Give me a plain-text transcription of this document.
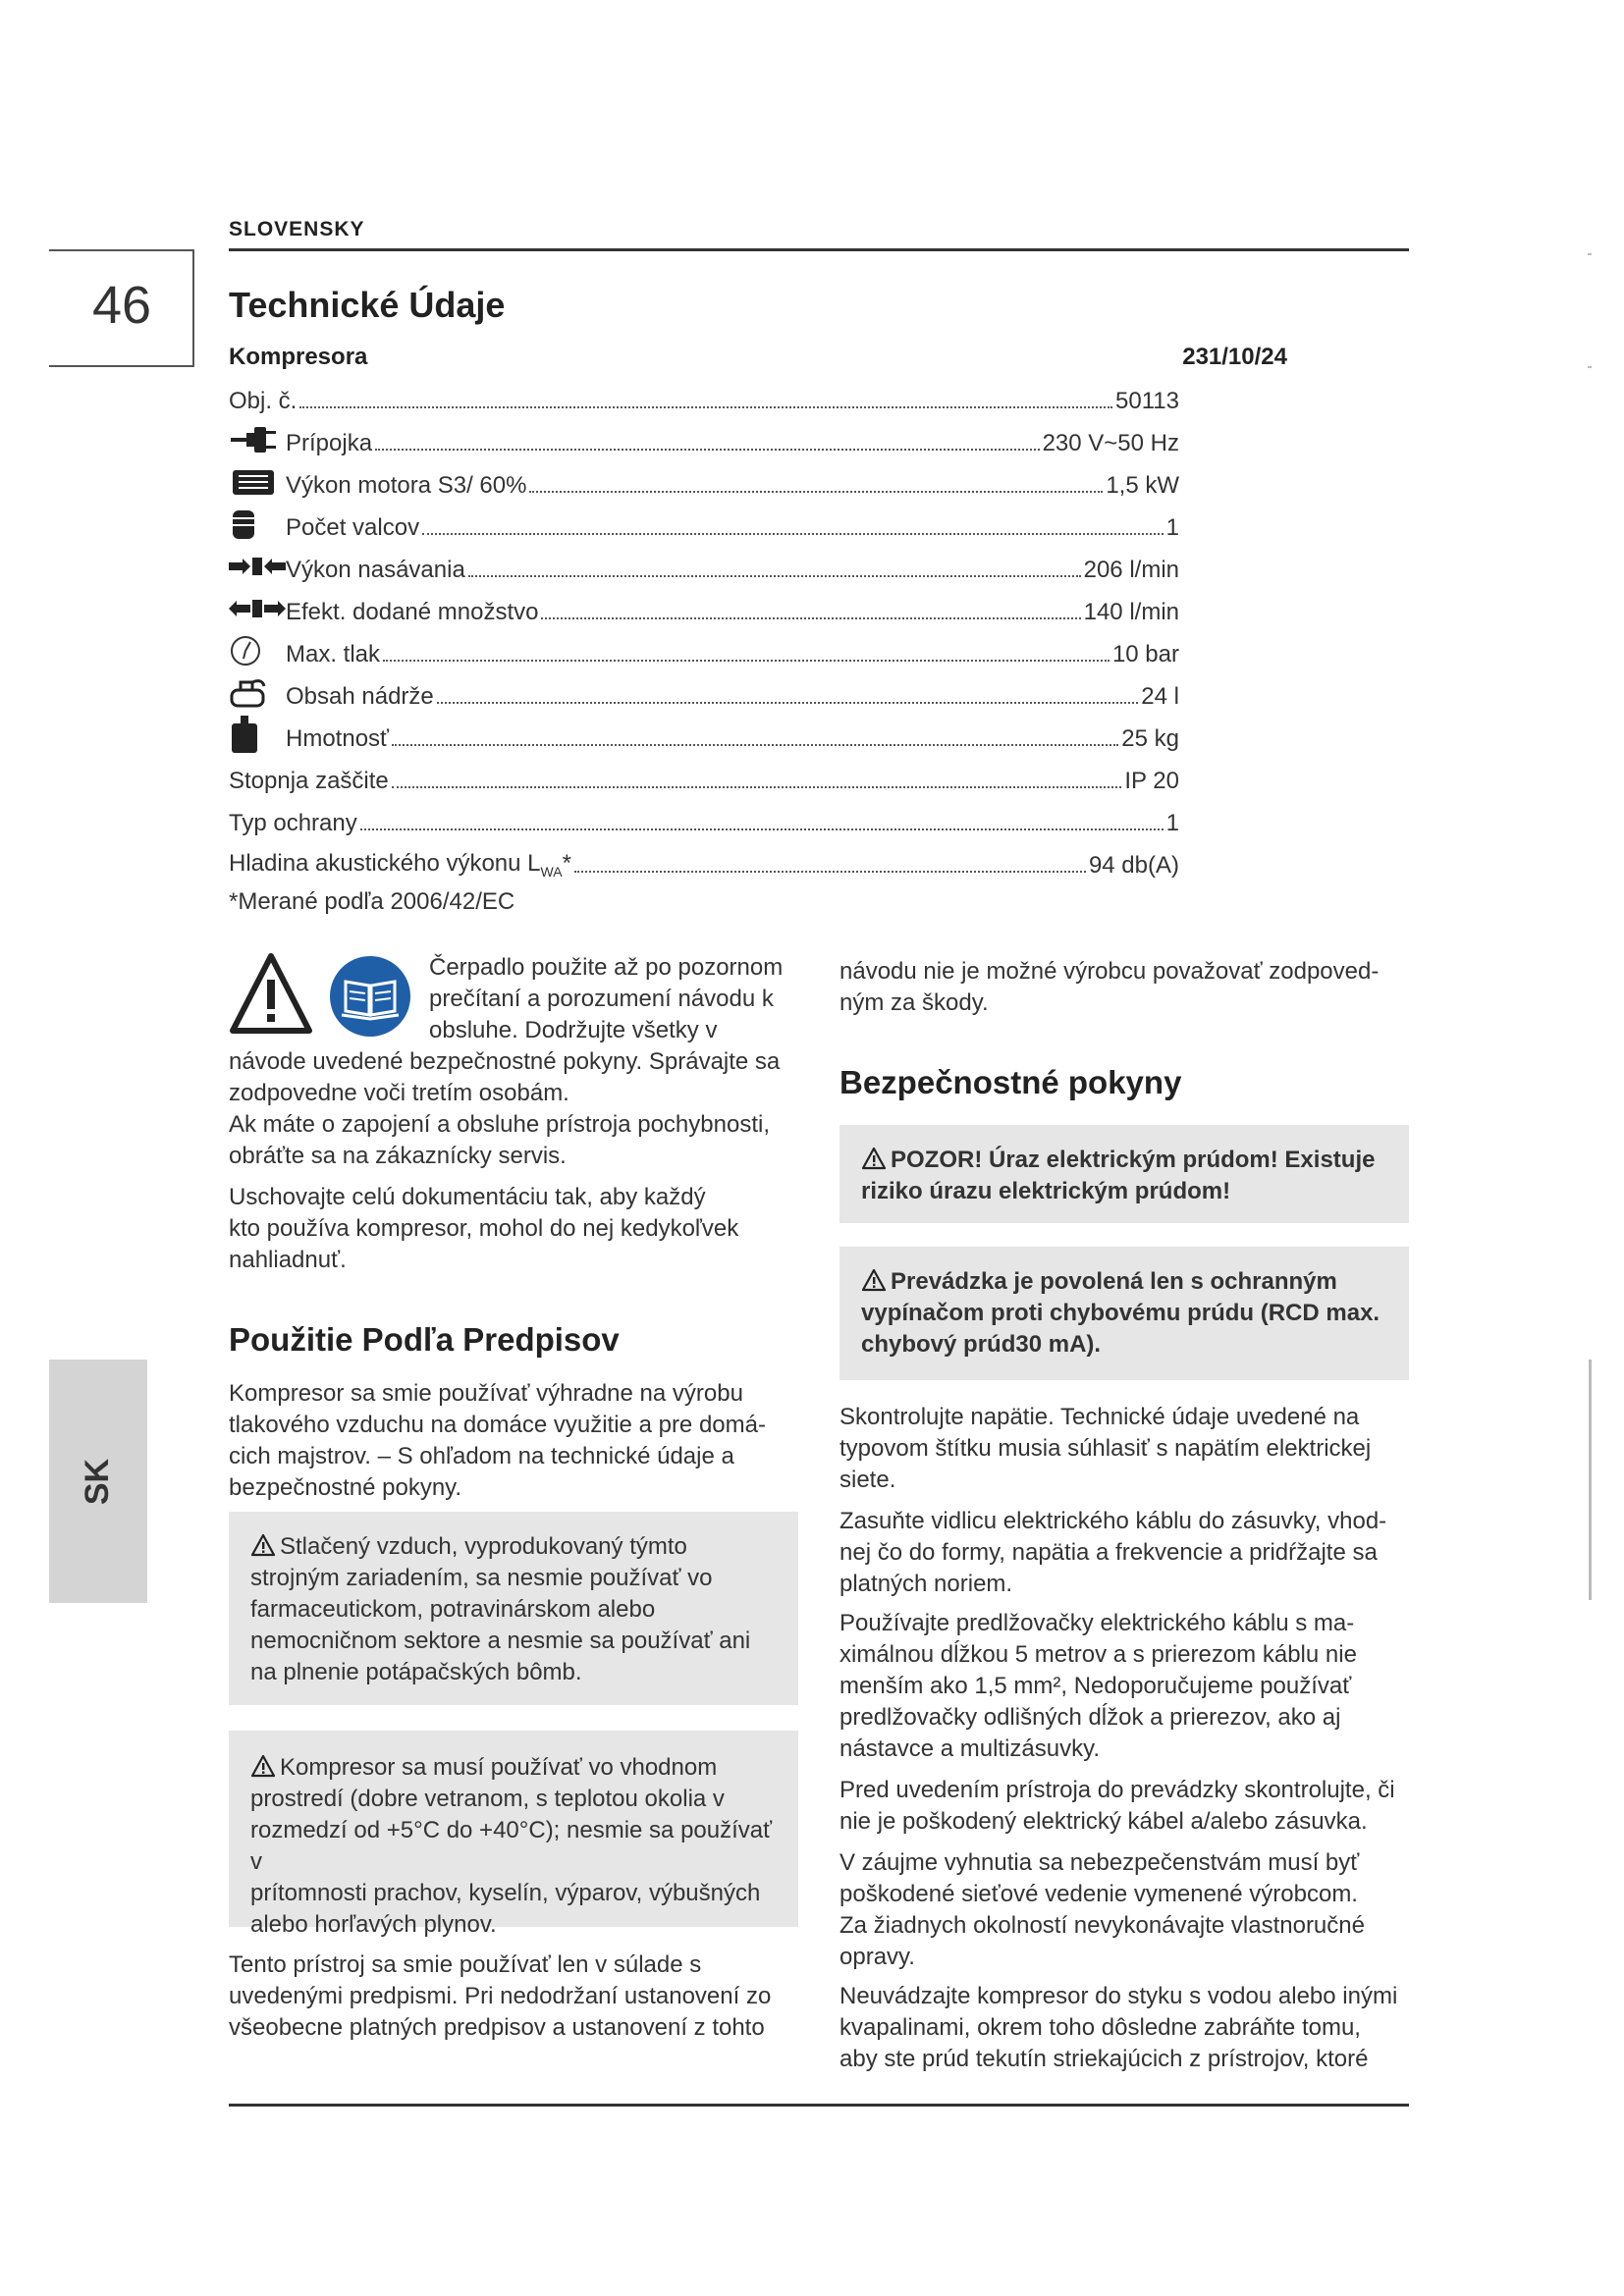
SLOVENSKY
46	Technické Údaje
Kompresora	231/10/24
Obj. č.	50113
Prípojka	230 V~50 Hz
Výkon motora S3/ 60%	1,5 kW
Počet valcov	1
Výkon nasávania	206 l/min
Efekt. dodané množstvo	140 l/min
Max. tlak	10 bar
Obsah nádrže	24 l
Hmotnosť	25 kg
Stopnja zaščite	IP 20
Typ ochrany	1
Hladina akustického výkonu $L_{WA}*$	94 db(A)
*Merané podľa 2006/42/EC

Čerpadlo použite až po pozornom

prečítaní a porozumení návodu k

obsluhe. Dodržujte všetky v

návode uvedené bezpečnostné pokyny. Správajte sa

zodpovedne voči tretím osobám.

Ak máte o zapojení a obsluhe prístroja pochybnosti,

obráťte sa na zákaznícky servis.

Uschovajte celú dokumentáciu tak, aby každý

kto používa kompresor, mohol do nej kedykoľvek

nahliadnuť.

Použitie Podľa Predpisov

Kompresor sa smie používať výhradne na výrobu

tlakového vzduchu na domáce využitie a pre domá-

cich majstrov. – S ohľadom na technické údaje a

bezpečnostné pokyny.

Stlačený vzduch, vyprodukovaný týmto

strojným zariadením, sa nesmie používať vo

farmaceutickom, potravinárskom alebo

nemocničnom sektore a nesmie sa používať ani

na plnenie potápačských bômb.

Kompresor sa musí používať vo vhodnom

prostredí (dobre vetranom, s teplotou okolia v

rozmedzí od +5°C do +40°C); nesmie sa používať v

prítomnosti prachov, kyselín, výparov, výbušných

alebo horľavých plynov.

Tento prístroj sa smie používať len v súlade s

uvedenými predpismi. Pri nedodržaní ustanovení zo

všeobecne platných predpisov a ustanovení z tohto

návodu nie je možné výrobcu považovať zodpoved-

ným za škody.

Bezpečnostné pokyny

POZOR! Úraz elektrickým prúdom! Existuje

riziko úrazu elektrickým prúdom!

Prevádzka je povolená len s ochranným

vypínačom proti chybovému prúdu (RCD max.

chybový prúd30 mA).

Skontrolujte napätie. Technické údaje uvedené na

typovom štítku musia súhlasiť s napätím elektrickej

siete.

Zasuňte vidlicu elektrického káblu do zásuvky, vhod-

nej čo do formy, napätia a frekvencie a pridŕžajte sa

platných noriem.

Používajte predlžovačky elektrického káblu s ma-

ximálnou dĺžkou 5 metrov a s prierezom káblu nie

menším ako 1,5 mm², Nedoporučujeme používať

predlžovačky odlišných dĺžok a prierezov, ako aj

nástavce a multizásuvky.

Pred uvedením prístroja do prevádzky skontrolujte, či

nie je poškodený elektrický kábel a/alebo zásuvka.

V záujme vyhnutia sa nebezpečenstvám musí byť

poškodené sieťové vedenie vymenené výrobcom.

Za žiadnych okolností nevykonávajte vlastnoručné

opravy.

Neuvádzajte kompresor do styku s vodou alebo inými

kvapalinami, okrem toho dôsledne zabráňte tomu,

aby ste prúd tekutín striekajúcich z prístrojov, ktoré

SK
